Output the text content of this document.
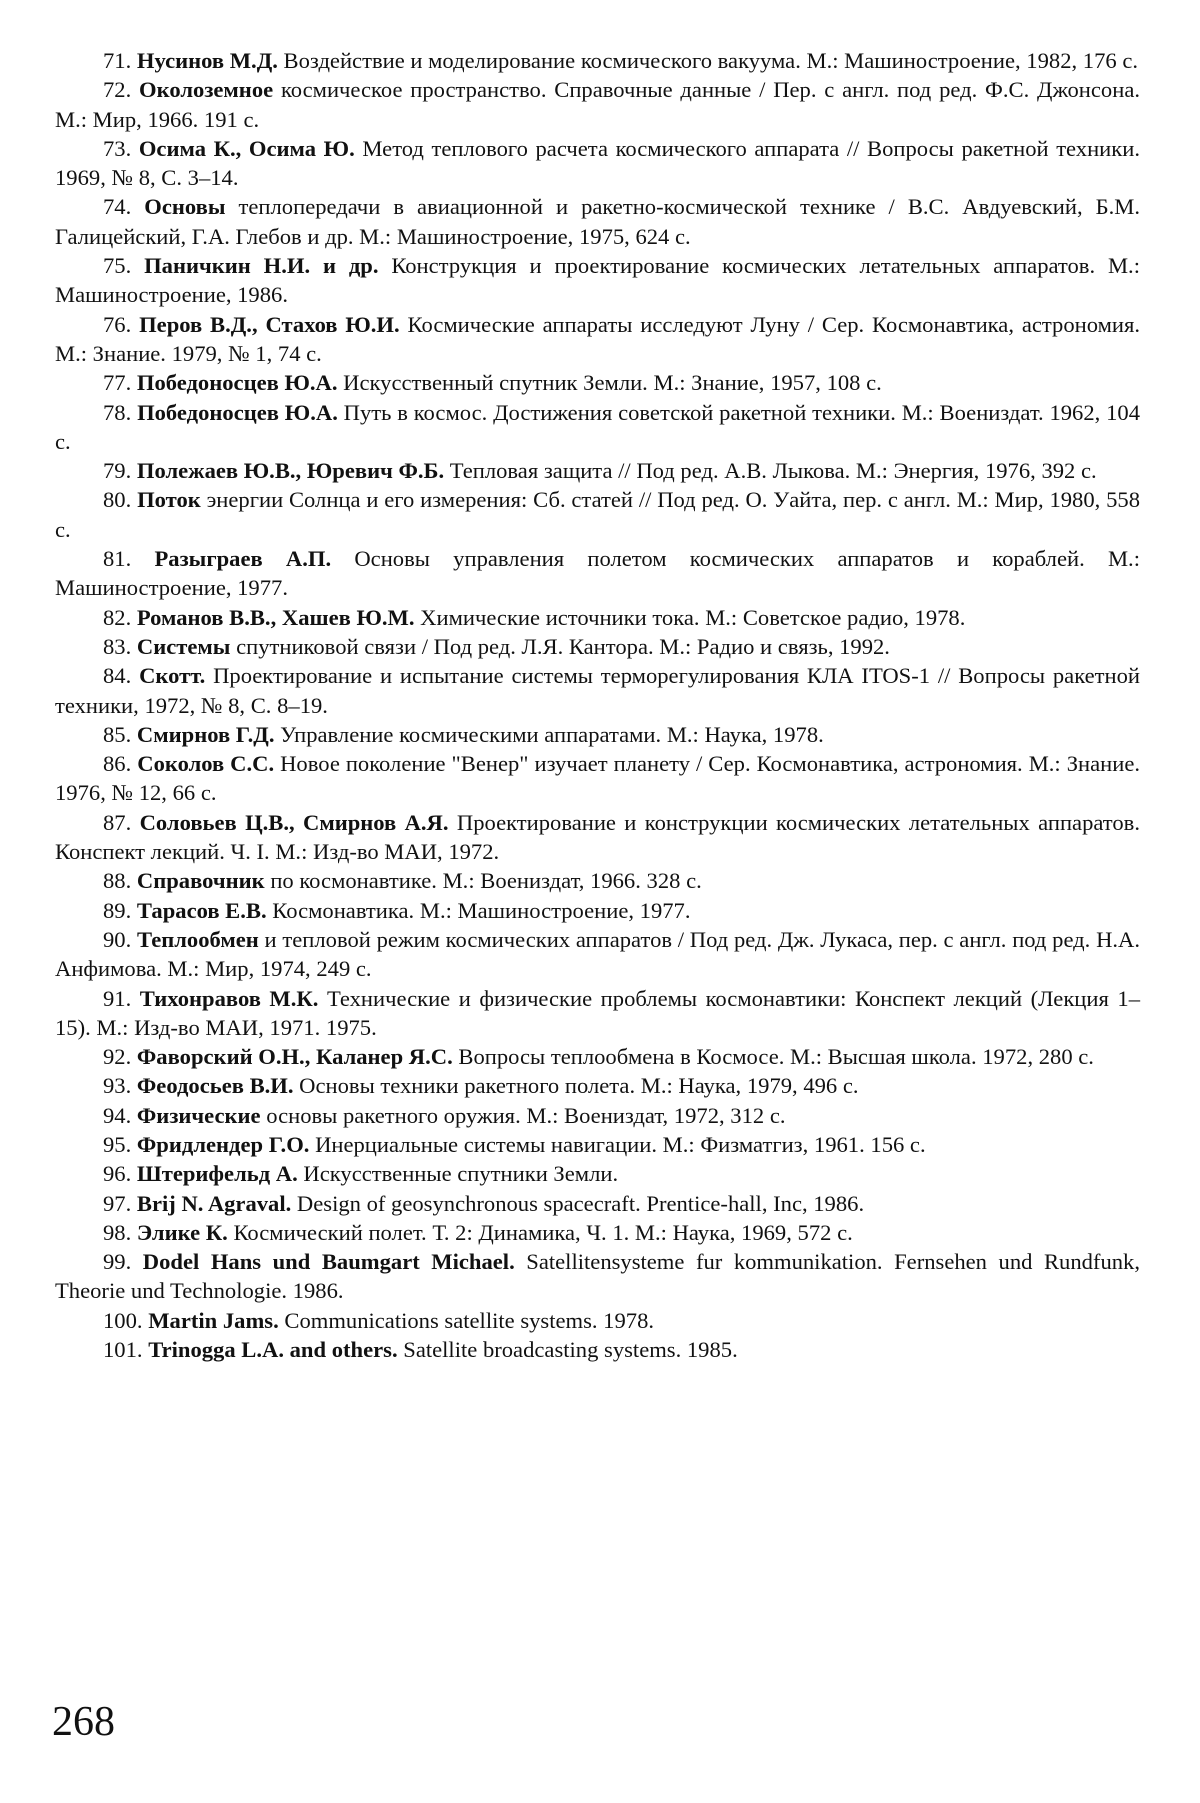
71. Нусинов М.Д. Воздействие и моделирование космического вакуума. М.: Машиностроение, 1982, 176 с.

72. Околоземное космическое пространство. Справочные данные / Пер. с англ. под ред. Ф.С. Джонсона. М.: Мир, 1966. 191 с.

73. Осима К., Осима Ю. Метод теплового расчета космического аппарата // Вопросы ракетной техники. 1969, № 8, С. 3–14.

74. Основы теплопередачи в авиационной и ракетно-космической технике / В.С. Авдуевский, Б.М. Галицейский, Г.А. Глебов и др. М.: Машиностроение, 1975, 624 с.

75. Паничкин Н.И. и др. Конструкция и проектирование космических летательных аппаратов. М.: Машиностроение, 1986.

76. Перов В.Д., Стахов Ю.И. Космические аппараты исследуют Луну / Сер. Космонавтика, астрономия. М.: Знание. 1979, № 1, 74 с.

77. Победоносцев Ю.А. Искусственный спутник Земли. М.: Знание, 1957, 108 с.

78. Победоносцев Ю.А. Путь в космос. Достижения советской ракетной техники. М.: Воениздат. 1962, 104 с.

79. Полежаев Ю.В., Юревич Ф.Б. Тепловая защита // Под ред. А.В. Лыкова. М.: Энергия, 1976, 392 с.

80. Поток энергии Солнца и его измерения: Сб. статей // Под ред. О. Уайта, пер. с англ. М.: Мир, 1980, 558 с.

81. Разыграев А.П. Основы управления полетом космических аппаратов и кораблей. М.: Машиностроение, 1977.

82. Романов В.В., Хашев Ю.М. Химические источники тока. М.: Советское радио, 1978.

83. Системы спутниковой связи / Под ред. Л.Я. Кантора. М.: Радио и связь, 1992.

84. Скотт. Проектирование и испытание системы терморегулирования КЛА ITOS-1 // Вопросы ракетной техники, 1972, № 8, С. 8–19.

85. Смирнов Г.Д. Управление космическими аппаратами. М.: Наука, 1978.

86. Соколов С.С. Новое поколение "Венер" изучает планету / Сер. Космонавтика, астрономия. М.: Знание. 1976, № 12, 66 с.

87. Соловьев Ц.В., Смирнов А.Я. Проектирование и конструкции космических летательных аппаратов. Конспект лекций. Ч. I. М.: Изд-во МАИ, 1972.

88. Справочник по космонавтике. М.: Воениздат, 1966. 328 с.

89. Тарасов Е.В. Космонавтика. М.: Машиностроение, 1977.

90. Теплообмен и тепловой режим космических аппаратов / Под ред. Дж. Лукаса, пер. с англ. под ред. Н.А. Анфимова. М.: Мир, 1974, 249 с.

91. Тихонравов М.К. Технические и физические проблемы космонавтики: Конспект лекций (Лекция 1–15). М.: Изд-во МАИ, 1971. 1975.

92. Фаворский О.Н., Каланер Я.С. Вопросы теплообмена в Космосе. М.: Высшая школа. 1972, 280 с.

93. Феодосьев В.И. Основы техники ракетного полета. М.: Наука, 1979, 496 с.

94. Физические основы ракетного оружия. М.: Воениздат, 1972, 312 с.

95. Фридлендер Г.О. Инерциальные системы навигации. М.: Физматгиз, 1961. 156 с.

96. Штерифельд А. Искусственные спутники Земли.

97. Brij N. Agraval. Design of geosynchronous spacecraft. Prentice-hall, Inc, 1986.

98. Элике К. Космический полет. Т. 2: Динамика, Ч. 1. М.: Наука, 1969, 572 с.

99. Dodel Hans und Baumgart Michael. Satellitensysteme fur kommunikation. Fernsehen und Rundfunk, Theorie und Technologie. 1986.

100. Martin Jams. Communications satellite systems. 1978.

101. Trinogga L.A. and others. Satellite broadcasting systems. 1985.

268
